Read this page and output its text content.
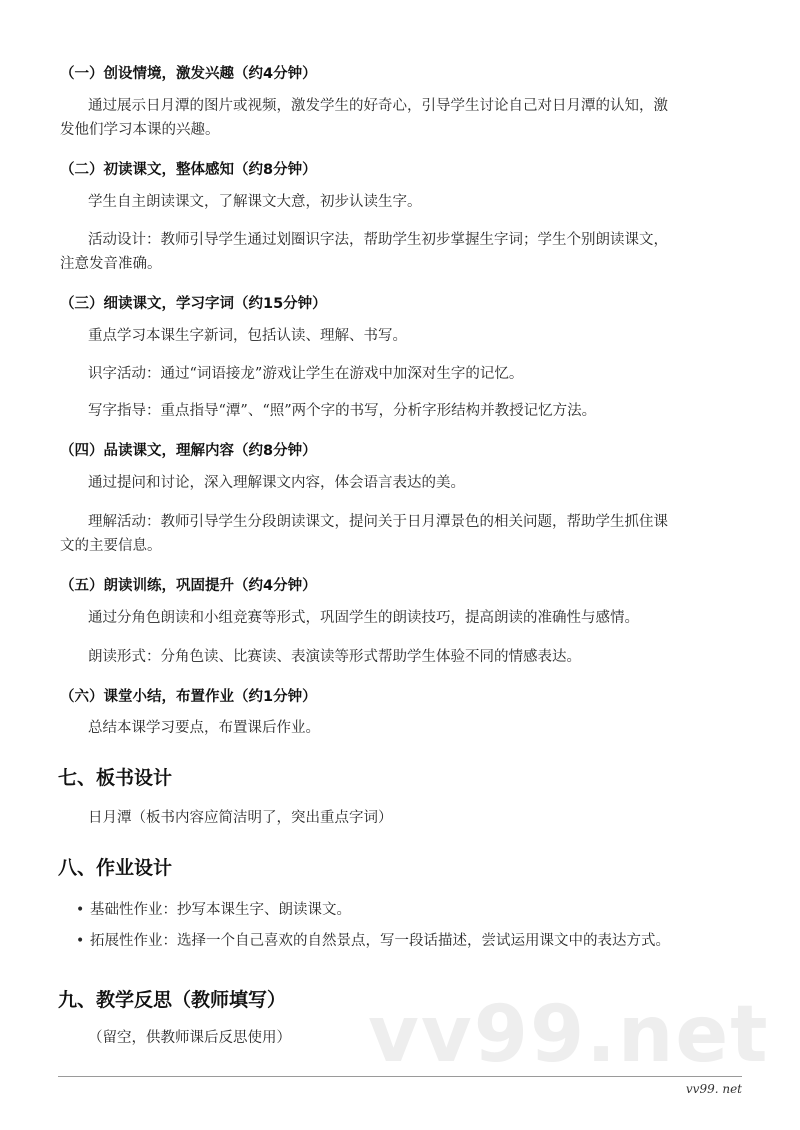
（一）创设情境，激发兴趣（约4分钟）
通过展示日月潭的图片或视频，激发学生的好奇心，引导学生讨论自己对日月潭的认知，激
发他们学习本课的兴趣。
（二）初读课文，整体感知（约8分钟）
学生自主朗读课文，了解课文大意，初步认读生字。
活动设计：教师引导学生通过划圈识字法，帮助学生初步掌握生字词；学生个别朗读课文，
注意发音准确。
（三）细读课文，学习字词（约15分钟）
重点学习本课生字新词，包括认读、理解、书写。
识字活动：通过“词语接龙”游戏让学生在游戏中加深对生字的记忆。
写字指导：重点指导“潭”、“照”两个字的书写，分析字形结构并教授记忆方法。
（四）品读课文，理解内容（约8分钟）
通过提问和讨论，深入理解课文内容，体会语言表达的美。
理解活动：教师引导学生分段朗读课文，提问关于日月潭景色的相关问题，帮助学生抓住课
文的主要信息。
（五）朗读训练，巩固提升（约4分钟）
通过分角色朗读和小组竞赛等形式，巩固学生的朗读技巧，提高朗读的准确性与感情。
朗读形式：分角色读、比赛读、表演读等形式帮助学生体验不同的情感表达。
（六）课堂小结，布置作业（约1分钟）
总结本课学习要点，布置课后作业。
七、板书设计
日月潭（板书内容应简洁明了，突出重点字词）
八、作业设计
• 基础性作业：抄写本课生字、朗读课文。
• 拓展性作业：选择一个自己喜欢的自然景点，写一段话描述，尝试运用课文中的表达方式。
九、教学反思（教师填写）
（留空，供教师课后反思使用） vv99.net
vv99. net
